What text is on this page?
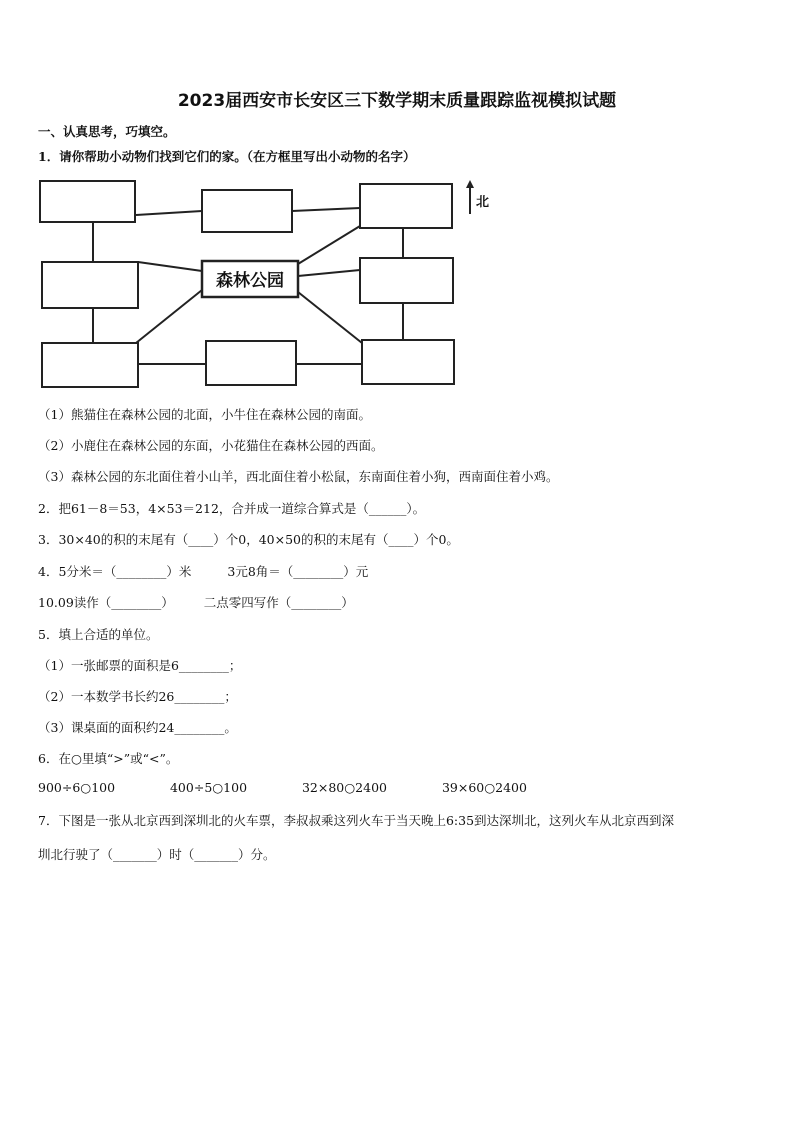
2023届西安市长安区三下数学期末质量跟踪监视模拟试题
一、认真思考，巧填空。
1．请你帮助小动物们找到它们的家。（在方框里写出小动物的名字）
森林公园
北
（1）熊猫住在森林公园的北面，小牛住在森林公园的南面。
（2）小鹿住在森林公园的东面，小花猫住在森林公园的西面。
（3）森林公园的东北面住着小山羊，西北面住着小松鼠，东南面住着小狗，西南面住着小鸡。
2．把61－8＝53，4×53＝212，合并成一道综合算式是（______）。
3．30×40的积的末尾有（____）个0，40×50的积的末尾有（____）个0。
4．5分米＝（________）米	3元8角＝（________）元
10.09读作（________） 二点零四写作（________）
5．填上合适的单位。
（1）一张邮票的面积是6________；
（2）一本数学书长约26________；
（3）课桌面的面积约24________。
6．在○里填“>”或“<”。
900÷6○100	400÷5○100	32×80○2400	39×60○2400
7．下图是一张从北京西到深圳北的火车票，李叔叔乘这列火车于当天晚上6:35到达深圳北，这列火车从北京西到深
圳北行驶了（_______）时（_______）分。
